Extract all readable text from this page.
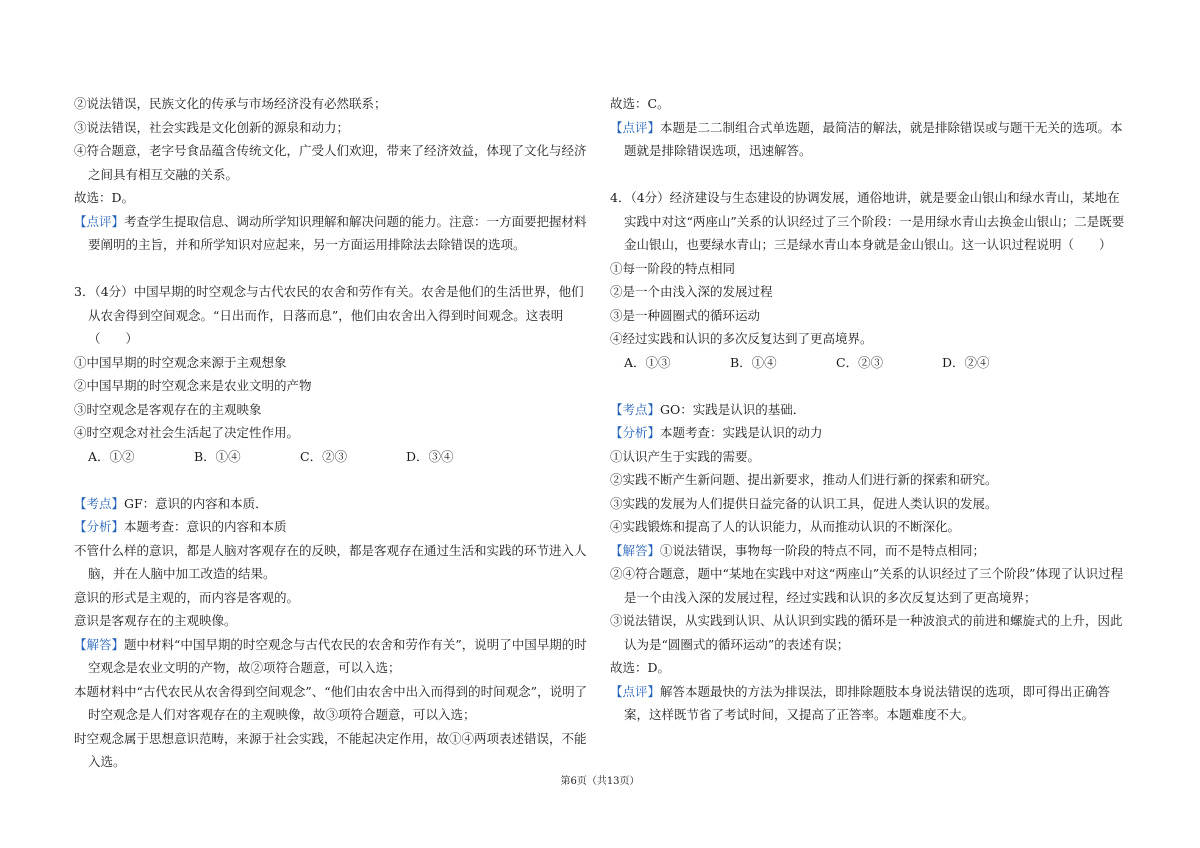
②说法错误，民族文化的传承与市场经济没有必然联系；

③说法错误，社会实践是文化创新的源泉和动力；

④符合题意，老字号食品蕴含传统文化，广受人们欢迎，带来了经济效益，体现了文化与经济之间具有相互交融的关系。

故选：D。

【点评】考查学生提取信息、调动所学知识理解和解决问题的能力。注意：一方面要把握材料要阐明的主旨，并和所学知识对应起来，另一方面运用排除法去除错误的选项。

3．（4分）中国早期的时空观念与古代农民的农舍和劳作有关。农舍是他们的生活世界，他们从农舍得到空间观念。“日出而作，日落而息”，他们由农舍出入得到时间观念。这表明（　　）

①中国早期的时空观念来源于主观想象

②中国早期的时空观念来是农业文明的产物

③时空观念是客观存在的主观映象

④时空观念对社会生活起了决定性作用。

A．①②	B．①④	C．②③	D．③④

【考点】GF：意识的内容和本质．

【分析】本题考查：意识的内容和本质

不管什么样的意识，都是人脑对客观存在的反映，都是客观存在通过生活和实践的环节进入人脑，并在人脑中加工改造的结果。

意识的形式是主观的，而内容是客观的。

意识是客观存在的主观映像。

【解答】题中材料“中国早期的时空观念与古代农民的农舍和劳作有关”，说明了中国早期的时空观念是农业文明的产物，故②项符合题意，可以入选；

本题材料中“古代农民从农舍得到空间观念”、“他们由农舍中出入而得到的时间观念”，说明了时空观念是人们对客观存在的主观映像，故③项符合题意，可以入选；

时空观念属于思想意识范畴，来源于社会实践，不能起决定作用，故①④两项表述错误，不能入选。

故选：C。

【点评】本题是二二制组合式单选题，最简洁的解法，就是排除错误或与题干无关的选项。本题就是排除错误选项，迅速解答。

4．（4分）经济建设与生态建设的协调发展，通俗地讲，就是要金山银山和绿水青山，某地在实践中对这“两座山”关系的认识经过了三个阶段：一是用绿水青山去换金山银山；二是既要金山银山，也要绿水青山；三是绿水青山本身就是金山银山。这一认识过程说明（　　）

①每一阶段的特点相同

②是一个由浅入深的发展过程

③是一种圆圈式的循环运动

④经过实践和认识的多次反复达到了更高境界。

A．①③	B．①④	C．②③	D．②④

【考点】GO：实践是认识的基础．

【分析】本题考查：实践是认识的动力

①认识产生于实践的需要。

②实践不断产生新问题、提出新要求，推动人们进行新的探索和研究。

③实践的发展为人们提供日益完备的认识工具，促进人类认识的发展。

④实践锻炼和提高了人的认识能力，从而推动认识的不断深化。

【解答】①说法错误，事物每一阶段的特点不同，而不是特点相同；

②④符合题意，题中“某地在实践中对这“两座山”关系的认识经过了三个阶段”体现了认识过程是一个由浅入深的发展过程，经过实践和认识的多次反复达到了更高境界；

③说法错误，从实践到认识、从认识到实践的循环是一种波浪式的前进和螺旋式的上升，因此认为是“圆圈式的循环运动”的表述有误；

故选：D。

【点评】解答本题最快的方法为排误法，即排除题肢本身说法错误的选项，即可得出正确答案，这样既节省了考试时间，又提高了正答率。本题难度不大。

第6页（共13页）
